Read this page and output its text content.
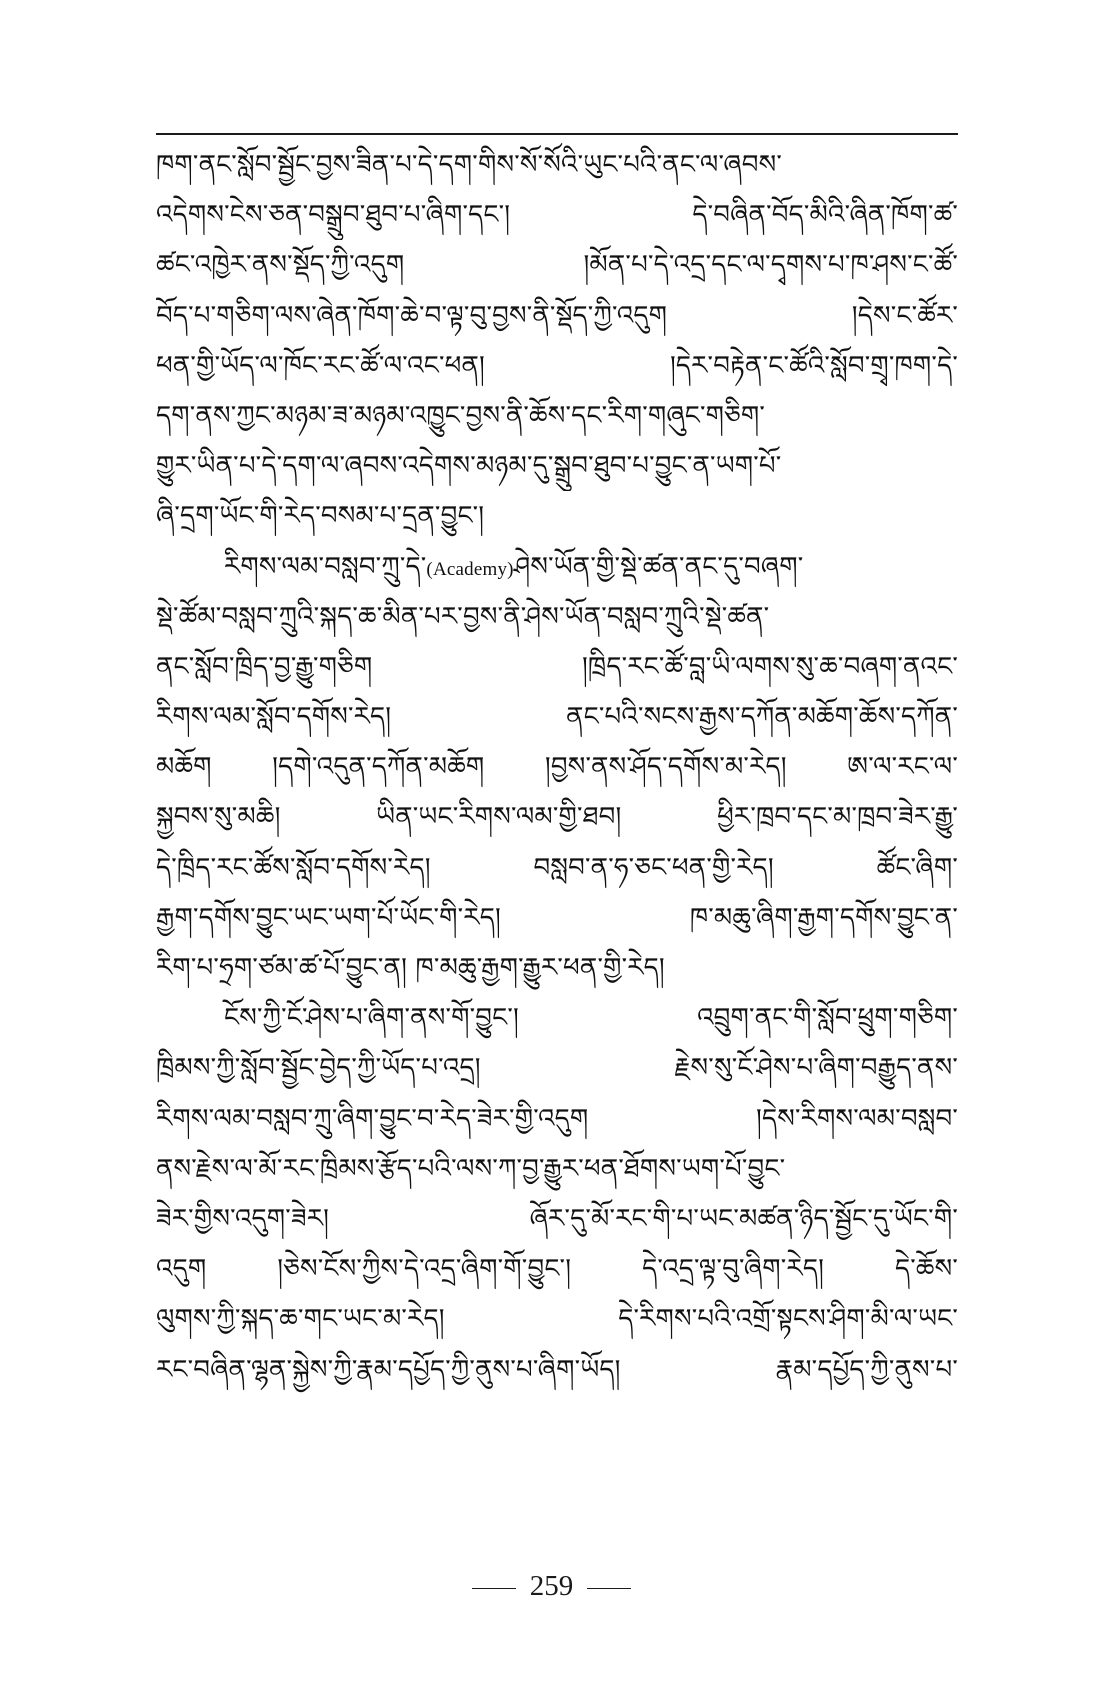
ཁག་ནང་སློབ་སྦྱོང་བྱས་ཟིན་པ་དེ་དག་གིས་སོ་སོའི་ཡུང་པའི་ནང་ལ་ཞབས་
འདེགས་ངེས་ཅན་བསྒྲུབ་ཐུབ་པ་ཞིག་དང་། དེ་བཞིན་བོད་མིའི་ཞིན་ཁོག་ཚ་
ཚང་འཁྱེར་ནས་སྡོད་ཀྱི་འདུག །མོན་པ་དེ་འདྲ་དང་ལ་དྭགས་པ་ཁ་ཤས་ང་ཚོ་
བོད་པ་གཅིག་ལས་ཞེན་ཁོག་ཆེ་བ་ལྟ་བུ་བྱས་ནི་སྡོད་ཀྱི་འདུག །དེས་ང་ཚོར་
ཕན་གྱི་ཡོད་ལ་ཁོང་རང་ཚོ་ལ་འང་ཕན། །དེར་བརྟེན་ང་ཚོའི་སློབ་གྲྭ་ཁག་དེ་
དག་ནས་ཀྱང་མཉམ་ཟ་མཉམ་འཁྱུང་བྱས་ནི་ཆོས་དང་རིག་གཞུང་གཅིག་
གྱུར་ཡིན་པ་དེ་དག་ལ་ཞབས་འདེགས་མཉམ་དུ་སྒྲུབ་ཐུབ་པ་བྱུང་ན་ཡག་པོ་
ཞི་དྲག་ཡོང་གི་རེད་བསམ་པ་དྲན་བྱུང་།
རིགས་ལམ་བསླབ་ཀྲུ་དེ་(Academy)ཤེས་ཡོན་གྱི་སྡེ་ཚན་ནང་དུ་བཞག་
སྡེ་ཚོམ་བསླབ་ཀྲུའི་སྐད་ཆ་མིན་པར་བྱས་ནི་ཤེས་ཡོན་བསླབ་ཀྲུའི་སྡེ་ཚན་
ནང་སློབ་ཁྲིད་བྱ་རྒྱུ་གཅིག །ཁྲིད་རང་ཚོ་བླ་ཡི་ལགས་སུ་ཆ་བཞག་ནའང་
རིགས་ལམ་སློབ་དགོས་རེད། ནང་པའི་སངས་རྒྱས་དཀོན་མཆོག་ཆོས་དཀོན་
མཆོག །དགེ་འདུན་དཀོན་མཆོག །བྱས་ནས་ཤོད་དགོས་མ་རེད། ཨ་ལ་རང་ལ་
སྐྱབས་སུ་མཆི། ཡིན་ཡང་རིགས་ལམ་གྱི་ཐབ། ཕྱིར་ཁྲབ་དང་མ་ཁྲབ་ཟེར་རྒྱུ་
དེ་ཁྲིད་རང་ཚོས་སློབ་དགོས་རེད། བསླབ་ན་ཧ་ཅང་ཕན་གྱི་རེད། ཚོང་ཞིག་
རྒྱག་དགོས་བྱུང་ཡང་ཡག་པོ་ཡོང་གི་རེད། ཁ་མཆུ་ཞིག་རྒྱག་དགོས་བྱུང་ན་
རིག་པ་ཧྲག་ཙམ་ཚ་པོ་བྱུང་ན། ཁ་མཆུ་རྒྱག་རྒྱུར་ཕན་གྱི་རེད།
ངོས་ཀྱི་ངོ་ཤེས་པ་ཞིག་ནས་གོ་བྱུང་། འབྲུག་ནང་གི་སློབ་ཕྲུག་གཅིག་
ཁྲིམས་ཀྱི་སློབ་སྦྱོང་བྱེད་ཀྱི་ཡོད་པ་འདྲ། རྗེས་སུ་ངོ་ཤེས་པ་ཞིག་བརྒྱུད་ནས་
རིགས་ལམ་བསླབ་ཀྲུ་ཞིག་བྱུང་བ་རེད་ཟེར་གྱི་འདུག །དེས་རིགས་ལམ་བསླབ་
ནས་རྗེས་ལ་མོ་རང་ཁྲིམས་རྩོད་པའི་ལས་ཀ་བྱ་རྒྱུར་ཕན་ཐོགས་ཡག་པོ་བྱུང་
ཟེར་གྱིས་འདུག་ཟེར། ཞོར་དུ་མོ་རང་གི་པ་ཡང་མཚན་ཉིད་སྦྱོང་དུ་ཡོང་གི་
འདུག །ཅེས་ངོས་ཀྱིས་དེ་འདྲ་ཞིག་གོ་བྱུང་། དེ་འདྲ་ལྟ་བུ་ཞིག་རེད། དེ་ཆོས་
ལུགས་ཀྱི་སྐད་ཆ་གང་ཡང་མ་རེད། དེ་རིགས་པའི་འགྲོ་སྟངས་ཤིག་མི་ལ་ཡང་
རང་བཞིན་ལྷན་སྐྱེས་ཀྱི་རྣམ་དཔྱོད་ཀྱི་ནུས་པ་ཞིག་ཡོད། རྣམ་དཔྱོད་ཀྱི་ནུས་པ་
259
